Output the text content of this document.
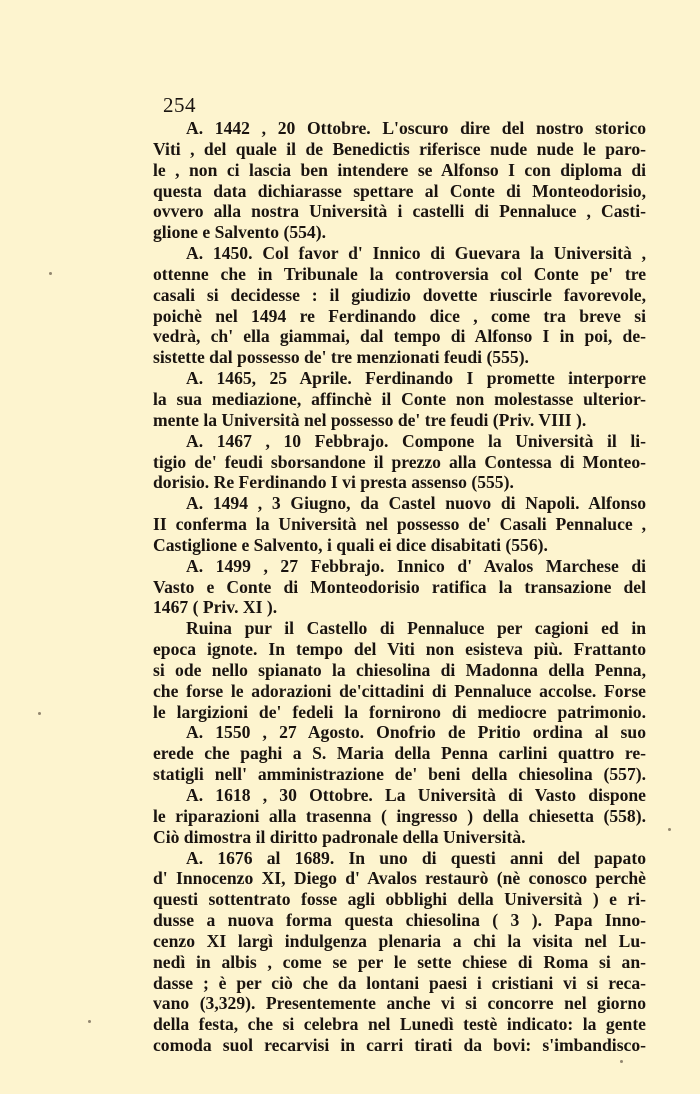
254
A. 1442 , 20 Ottobre. L'oscuro dire del nostro storico
Viti , del quale il de Benedictis riferisce nude nude le paro-
le , non ci lascia ben intendere se Alfonso I con diploma di
questa data dichiarasse spettare al Conte di Monteodorisio,
ovvero alla nostra Università i castelli di Pennaluce , Casti-
glione e Salvento (554).
A. 1450. Col favor d' Innico di Guevara la Università ,
ottenne che in Tribunale la controversia col Conte pe' tre
casali si decidesse : il giudizio dovette riuscirle favorevole,
poichè nel 1494 re Ferdinando dice , come tra breve si
vedrà, ch' ella giammai, dal tempo di Alfonso I in poi, de-
sistette dal possesso de' tre menzionati feudi (555).
A. 1465, 25 Aprile. Ferdinando I promette interporre
la sua mediazione, affinchè il Conte non molestasse ulterior-
mente la Università nel possesso de' tre feudi (Priv. VIII ).
A. 1467 , 10 Febbrajo. Compone la Università il li-
tigio de' feudi sborsandone il prezzo alla Contessa di Monteo-
dorisio. Re Ferdinando I vi presta assenso (555).
A. 1494 , 3 Giugno, da Castel nuovo di Napoli. Alfonso
II conferma la Università nel possesso de' Casali Pennaluce ,
Castiglione e Salvento, i quali ei dice disabitati (556).
A. 1499 , 27 Febbrajo. Innico d' Avalos Marchese di
Vasto e Conte di Monteodorisio ratifica la transazione del
1467 ( Priv. XI ).
Ruina pur il Castello di Pennaluce per cagioni ed in
epoca ignote. In tempo del Viti non esisteva più. Frattanto
si ode nello spianato la chiesolina di Madonna della Penna,
che forse le adorazioni de'cittadini di Pennaluce accolse. Forse
le largizioni de' fedeli la fornirono di mediocre patrimonio.
A. 1550 , 27 Agosto. Onofrio de Pritio ordina al suo
erede che paghi a S. Maria della Penna carlini quattro re-
statigli nell' amministrazione de' beni della chiesolina (557).
A. 1618 , 30 Ottobre. La Università di Vasto dispone
le riparazioni alla trasenna ( ingresso ) della chiesetta (558).
Ciò dimostra il diritto padronale della Università.
A. 1676 al 1689. In uno di questi anni del papato
d' Innocenzo XI, Diego d' Avalos restaurò (nè conosco perchè
questi sottentrato fosse agli obblighi della Università ) e ri-
dusse a nuova forma questa chiesolina ( 3 ). Papa Inno-
cenzo XI largì indulgenza plenaria a chi la visita nel Lu-
nedì in albis , come se per le sette chiese di Roma si an-
dasse ; è per ciò che da lontani paesi i cristiani vi si reca-
vano (3,329). Presentemente anche vi si concorre nel giorno
della festa, che si celebra nel Lunedì testè indicato: la gente
comoda suol recarvisi in carri tirati da bovi: s'imbandisco-
